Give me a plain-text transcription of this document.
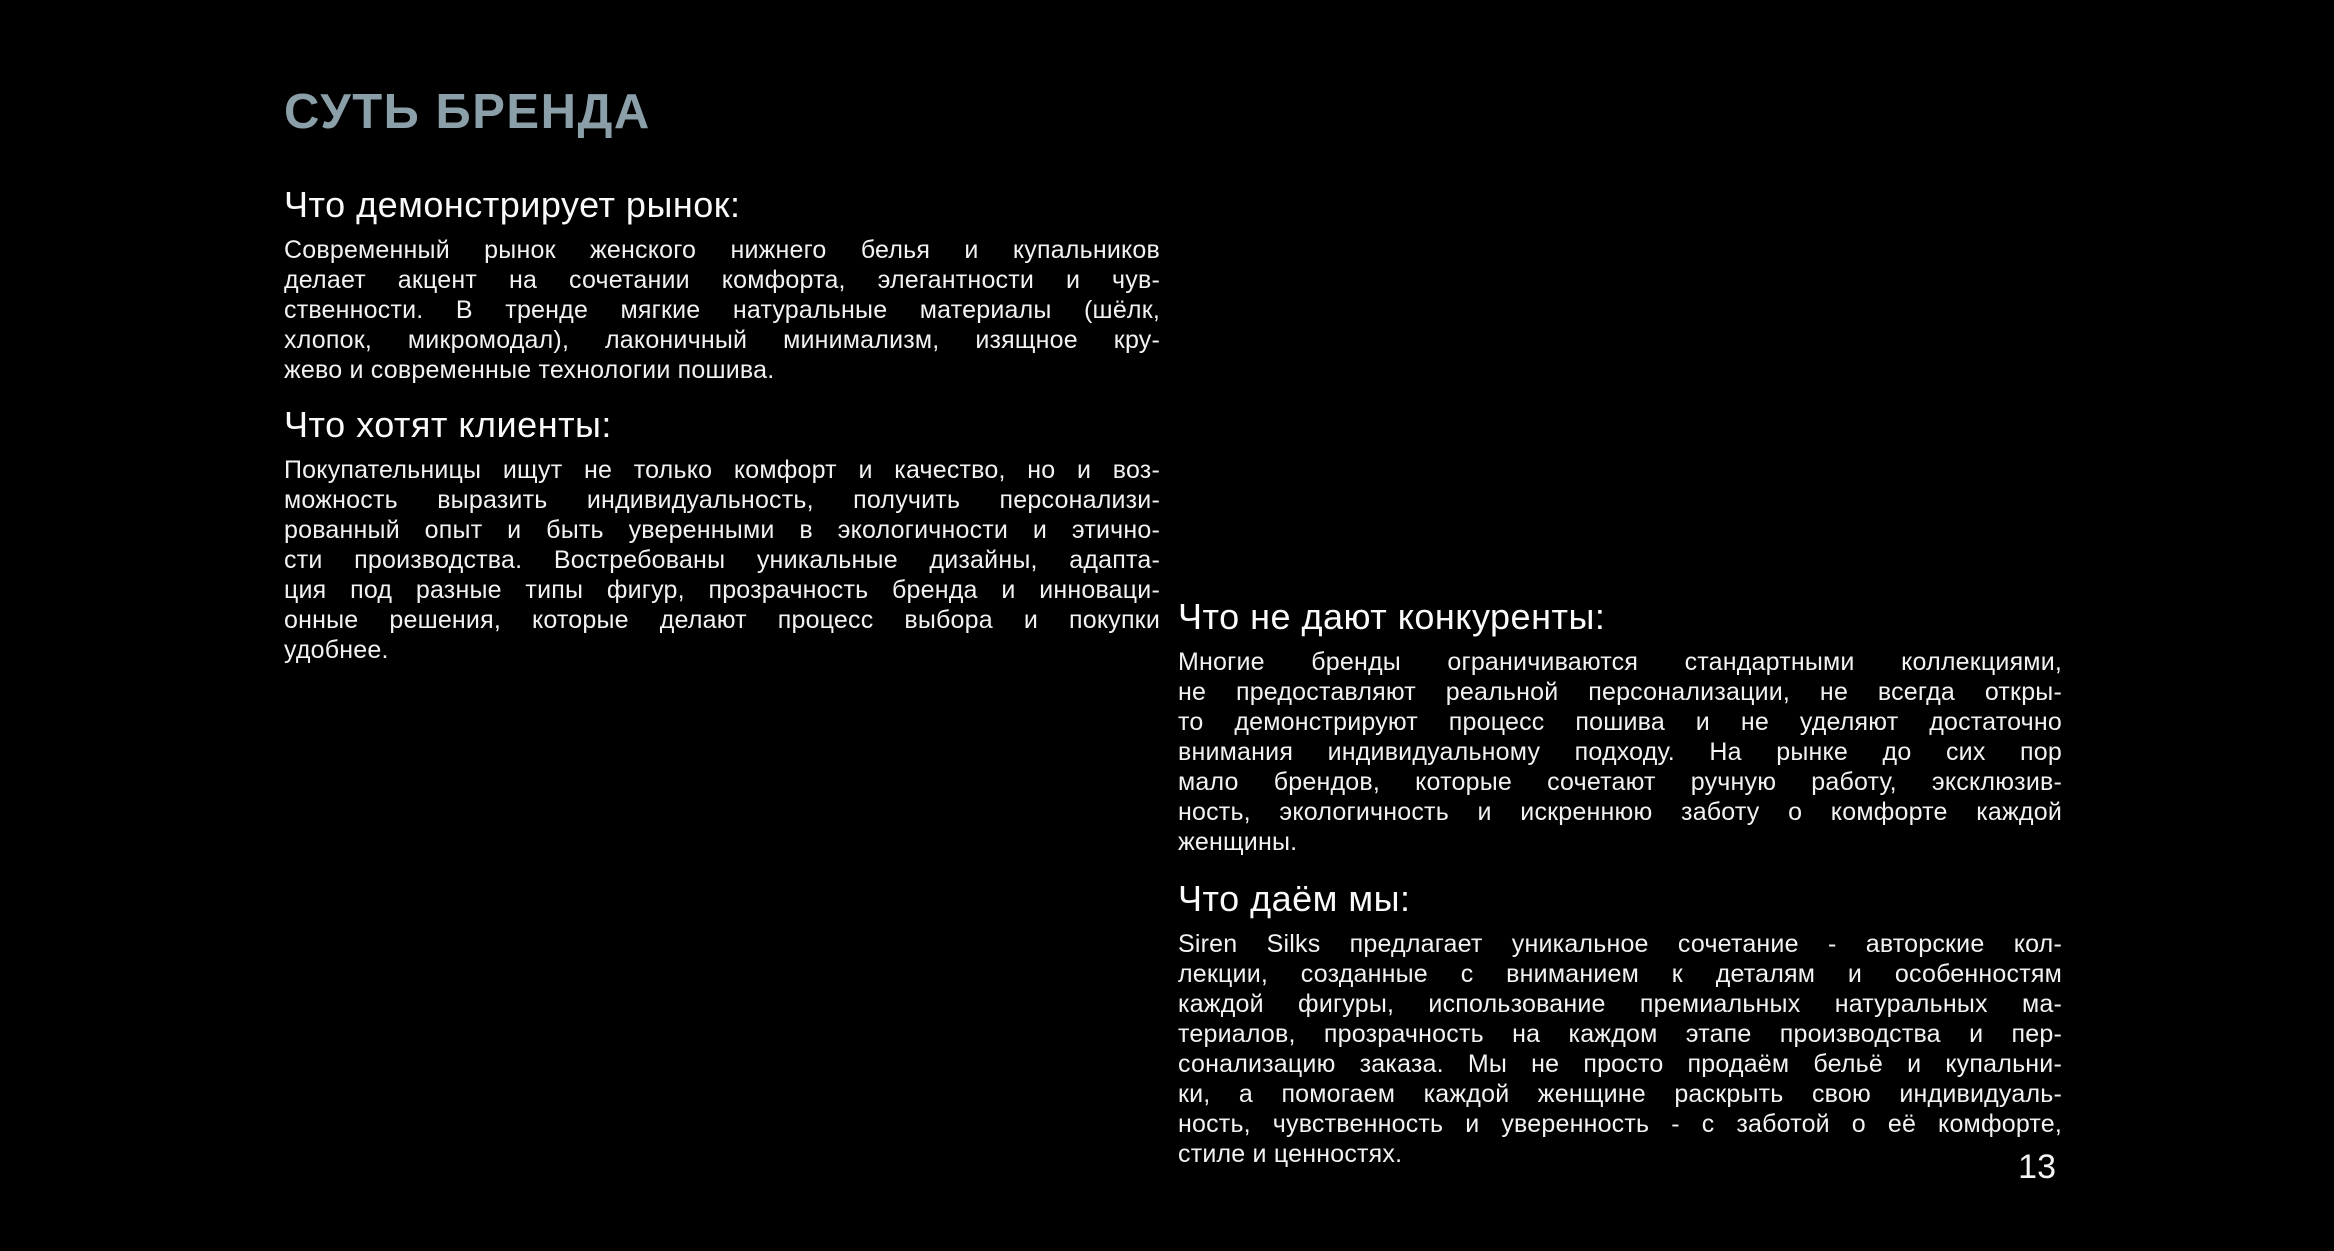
СУТЬ БРЕНДА
Что демонстрирует рынок:
Современный рынок женского нижнего белья и купальников
делает акцент на сочетании комфорта, элегантности и чув-
ственности. В тренде мягкие натуральные материалы (шёлк,
хлопок, микромодал), лаконичный минимализм, изящное кру-
жево и современные технологии пошива.
Что хотят клиенты:
Покупательницы ищут не только комфорт и качество, но и воз-
можность выразить индивидуальность, получить персонализи-
рованный опыт и быть уверенными в экологичности и этично-
сти производства. Востребованы уникальные дизайны, адапта-
ция под разные типы фигур, прозрачность бренда и инноваци-
онные решения, которые делают процесс выбора и покупки
удобнее.
Что не дают конкуренты:
Многие бренды ограничиваются стандартными коллекциями,
не предоставляют реальной персонализации, не всегда откры-
то демонстрируют процесс пошива и не уделяют достаточно
внимания индивидуальному подходу. На рынке до сих пор
мало брендов, которые сочетают ручную работу, эксклюзив-
ность, экологичность и искреннюю заботу о комфорте каждой
женщины.
Что даём мы:
Siren Silks предлагает уникальное сочетание - авторские кол-
лекции, созданные с вниманием к деталям и особенностям
каждой фигуры, использование премиальных натуральных ма-
териалов, прозрачность на каждом этапе производства и пер-
сонализацию заказа. Мы не просто продаём бельё и купальни-
ки, а помогаем каждой женщине раскрыть свою индивидуаль-
ность, чувственность и уверенность - с заботой о её комфорте,
стиле и ценностях.	13
